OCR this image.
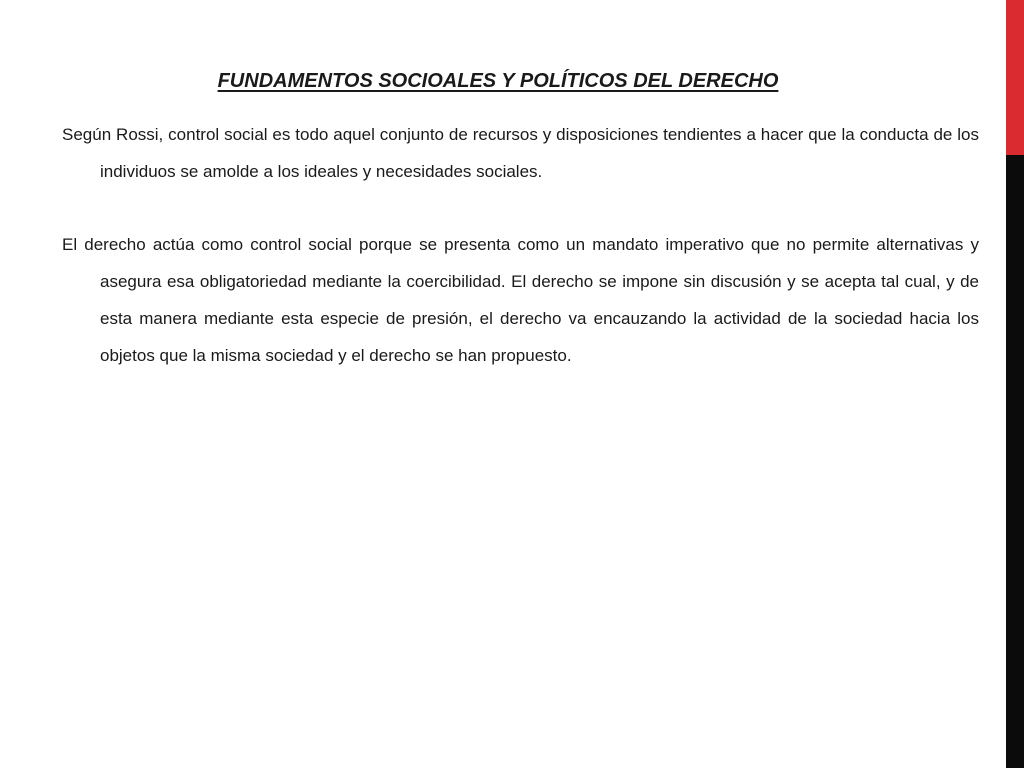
FUNDAMENTOS SOCIOALES Y POLÍTICOS DEL DERECHO

Según Rossi, control social es todo aquel conjunto de recursos y disposiciones tendientes a hacer que la conducta de los individuos se amolde a los ideales y necesidades sociales.

El derecho actúa como control social porque se presenta como un mandato imperativo que no permite alternativas y asegura esa obligatoriedad mediante la coercibilidad. El derecho se impone sin discusión y se acepta tal cual, y de esta manera mediante esta especie de presión, el derecho va encauzando la actividad de la sociedad hacia los objetos que la misma sociedad y el derecho se han propuesto.
